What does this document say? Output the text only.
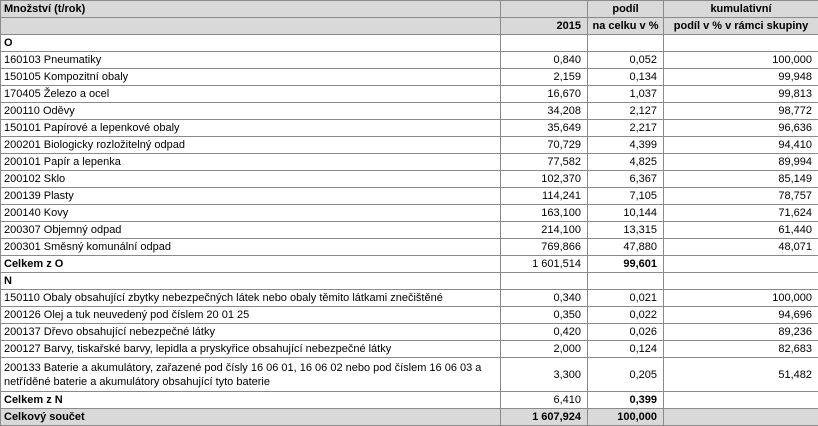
Množství (t/rok)		podíl	kumulativní
	2015	na celku v %	podíl v % v rámci skupiny
O			
160103 Pneumatiky	0,840	0,052	100,000
150105 Kompozitní obaly	2,159	0,134	99,948
170405 Železo a ocel	16,670	1,037	99,813
200110 Oděvy	34,208	2,127	98,772
150101 Papírové a lepenkové obaly	35,649	2,217	96,636
200201 Biologicky rozložitelný odpad	70,729	4,399	94,410
200101 Papír a lepenka	77,582	4,825	89,994
200102 Sklo	102,370	6,367	85,149
200139 Plasty	114,241	7,105	78,757
200140 Kovy	163,100	10,144	71,624
200307 Objemný odpad	214,100	13,315	61,440
200301 Směsný komunální odpad	769,866	47,880	48,071
Celkem z O	1 601,514	99,601	
N			
150110 Obaly obsahující zbytky nebezpečných látek nebo obaly těmito látkami znečištěné	0,340	0,021	100,000
200126 Olej a tuk neuvedený pod číslem 20 01 25	0,350	0,022	94,696
200137 Dřevo obsahující nebezpečné látky	0,420	0,026	89,236
200127 Barvy, tiskařské barvy, lepidla a pryskyřice obsahující nebezpečné látky	2,000	0,124	82,683
200133 Baterie a akumulátory, zařazené pod čísly 16 06 01, 16 06 02 nebo pod číslem 16 06 03 a netříděné baterie a akumulátory obsahující tyto baterie	3,300	0,205	51,482
Celkem z N	6,410	0,399	
Celkový součet	1 607,924	100,000	
